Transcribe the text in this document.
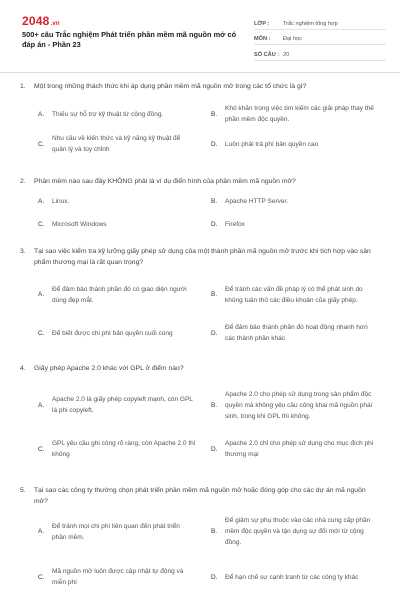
2048.vn
500+ câu Trắc nghiệm Phát triển phần mềm mã nguồn mở có đáp án - Phần 23
LỚP :	Trắc nghiệm tổng hợp
MÔN :	Đại học
SỐ CÂU : 20
1.	Một trong những thách thức khi áp dụng phần mềm mã nguồn mở trong các tổ chức là gì?
A.	Thiếu sự hỗ trợ kỹ thuật từ cộng đồng.	B.
Khó khăn trong việc tìm kiếm các giải pháp thay thế phần mềm độc quyền.
C.
Nhu cầu về kiến thức và kỹ năng kỹ thuật để quản lý và tùy chỉnh
D.	Luôn phải trả phí bản quyền cao
2.	Phần mềm nào sau đây KHÔNG phải là ví dụ điển hình của phần mềm mã nguồn mở?
A.	Linux.	B.	Apache HTTP Server.
C.	Microsoft Windows	D.	Firefox
3.	Tại sao việc kiểm tra kỹ lưỡng giấy phép sử dụng của một thành phần mã nguồn mở trước khi tích hợp vào sản phẩm thương mại là rất quan trọng?
A.
Để đảm bảo thành phần đó có giao diện người dùng đẹp mắt.
B.
Để tránh các vấn đề pháp lý có thể phát sinh do không tuân thủ các điều khoản của giấy phép.
C.	Để biết được chi phí bản quyền cuối cùng	D.
Để đảm bảo thành phần đó hoạt động nhanh hơn các thành phần khác
4.	Giấy phép Apache 2.0 khác với GPL ở điểm nào?
A.
Apache 2.0 là giấy phép copyleft mạnh, còn GPL là phi copyleft.
B.
Apache 2.0 cho phép sử dụng trong sản phẩm độc quyền mà không yêu cầu công khai mã nguồn phái sinh, trong khi GPL thì không.
C.
GPL yêu cầu ghi công rõ ràng, còn Apache 2.0 thì không
D.
Apache 2.0 chỉ cho phép sử dụng cho mục đích phi thương mại
5.	Tại sao các công ty thường chọn phát triển phần mềm mã nguồn mở hoặc đóng góp cho các dự án mã nguồn mở?
A.
Để tránh mọi chi phí liên quan đến phát triển phần mềm.
B.
Để giảm sự phụ thuộc vào các nhà cung cấp phần mềm độc quyền và tận dụng sự đổi mới từ cộng đồng.
C.
Mã nguồn mở luôn được cập nhật tự động và miễn phí
D.	Để hạn chế sự cạnh tranh từ các công ty khác
